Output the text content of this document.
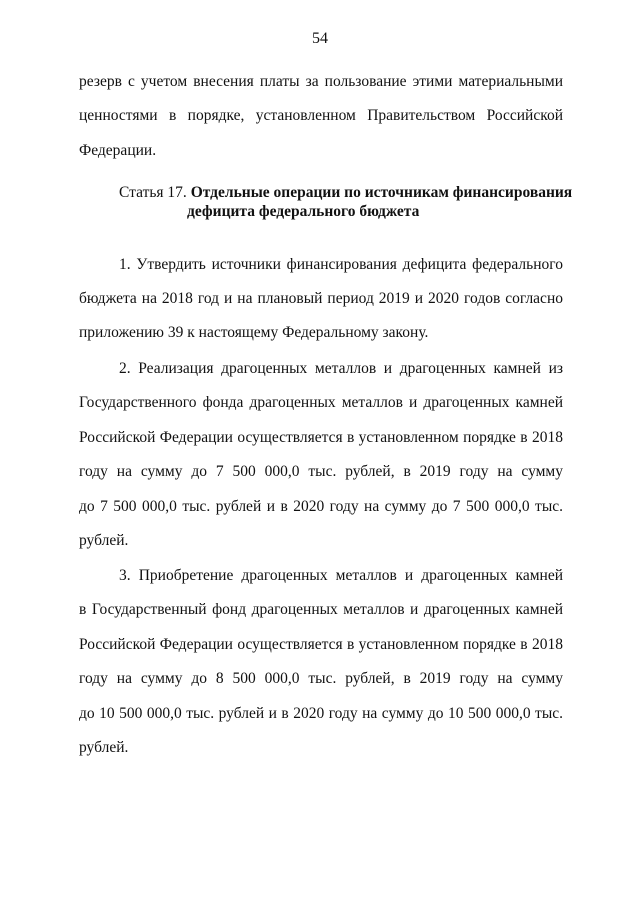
54
резерв с учетом внесения платы за пользование этими материальными
ценностями в порядке, установленном Правительством Российской
Федерации.
Статья 17. Отдельные операции по источникам финансирования
дефицита федерального бюджета
1. Утвердить источники финансирования дефицита федерального
бюджета на 2018 год и на плановый период 2019 и 2020 годов согласно
приложению 39 к настоящему Федеральному закону.
2. Реализация драгоценных металлов и драгоценных камней из
Государственного фонда драгоценных металлов и драгоценных камней
Российской Федерации осуществляется в установленном порядке в 2018
году на сумму до 7 500 000,0 тыс. рублей, в 2019 году на сумму
до 7 500 000,0 тыс. рублей и в 2020 году на сумму до 7 500 000,0 тыс.
рублей.
3. Приобретение драгоценных металлов и драгоценных камней
в Государственный фонд драгоценных металлов и драгоценных камней
Российской Федерации осуществляется в установленном порядке в 2018
году на сумму до 8 500 000,0 тыс. рублей, в 2019 году на сумму
до 10 500 000,0 тыс. рублей и в 2020 году на сумму до 10 500 000,0 тыс.
рублей.
